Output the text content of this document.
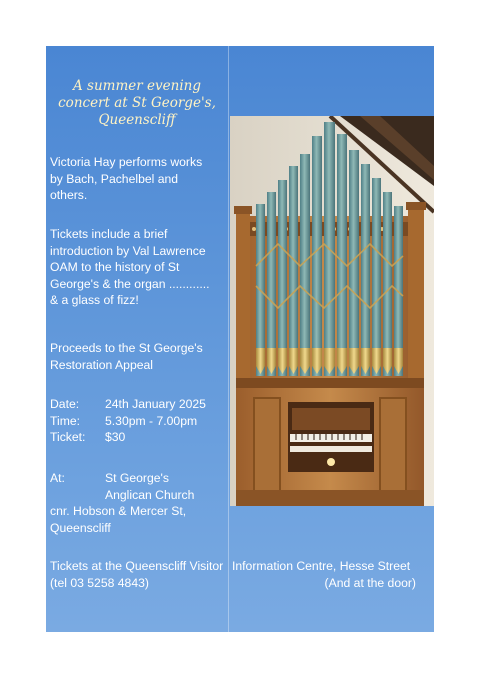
A summer evening
concert at St George's,
Queenscliff
Victoria Hay performs works
by Bach, Pachelbel and
others.
Tickets include a brief
introduction by Val Lawrence
OAM to the history of St
George's & the organ ............
& a glass of fizz!
Proceeds to the St George's
Restoration Appeal
Date: 24th January 2025
Time: 5.30pm - 7.00pm
Ticket: $30
At:	St George's
Anglican Church
cnr. Hobson & Mercer St,
Queenscliff
Tickets at the Queenscliff Visitor
(tel 03 5258 4843)
Information Centre, Hesse Street
(And at the door)
